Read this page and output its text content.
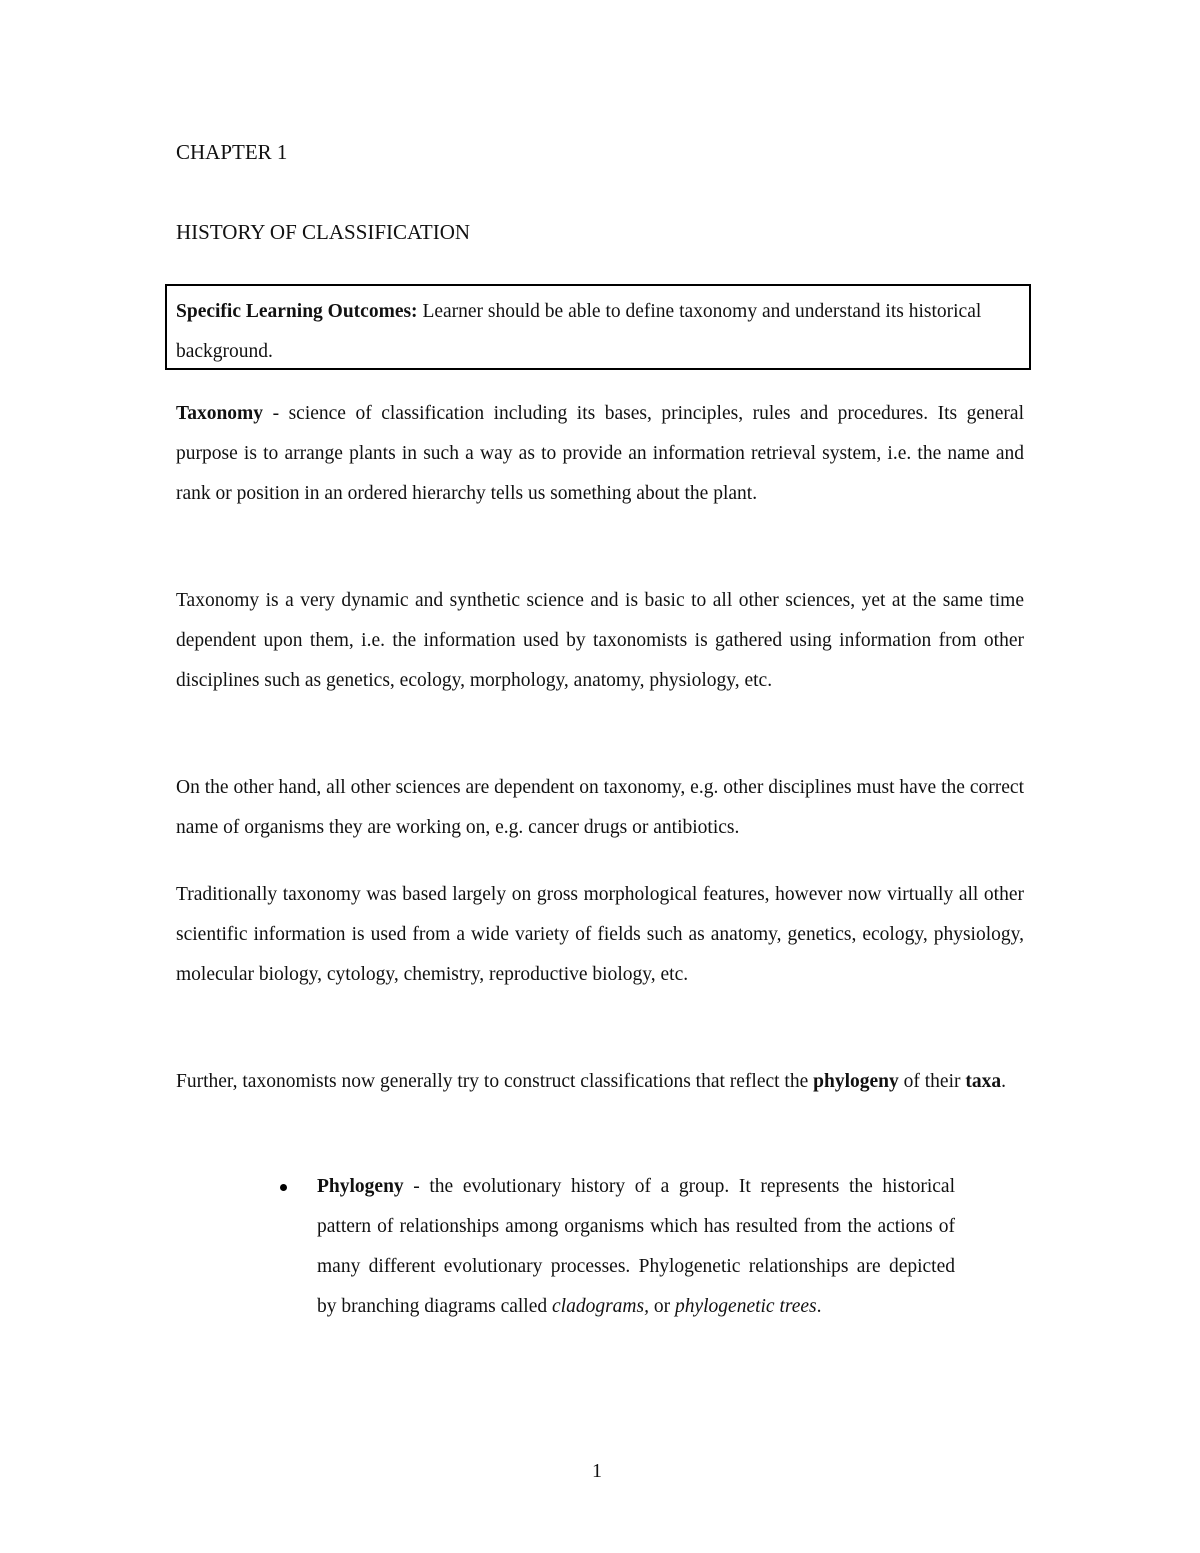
CHAPTER 1
HISTORY OF CLASSIFICATION
Specific Learning Outcomes: Learner should be able to define taxonomy and understand its historical background.

Taxonomy - science of classification including its bases, principles, rules and procedures. Its general purpose is to arrange plants in such a way as to provide an information retrieval system, i.e. the name and rank or position in an ordered hierarchy tells us something about the plant.

Taxonomy is a very dynamic and synthetic science and is basic to all other sciences, yet at the same time dependent upon them, i.e. the information used by taxonomists is gathered using information from other disciplines such as genetics, ecology, morphology, anatomy, physiology, etc.

On the other hand, all other sciences are dependent on taxonomy, e.g. other disciplines must have the correct name of organisms they are working on, e.g. cancer drugs or antibiotics.

Traditionally taxonomy was based largely on gross morphological features, however now virtually all other scientific information is used from a wide variety of fields such as anatomy, genetics, ecology, physiology, molecular biology, cytology, chemistry, reproductive biology, etc.

Further, taxonomists now generally try to construct classifications that reflect the phylogeny of their taxa.

Phylogeny - the evolutionary history of a group. It represents the historical pattern of relationships among organisms which has resulted from the actions of many different evolutionary processes. Phylogenetic relationships are depicted by branching diagrams called cladograms, or phylogenetic trees.

1
